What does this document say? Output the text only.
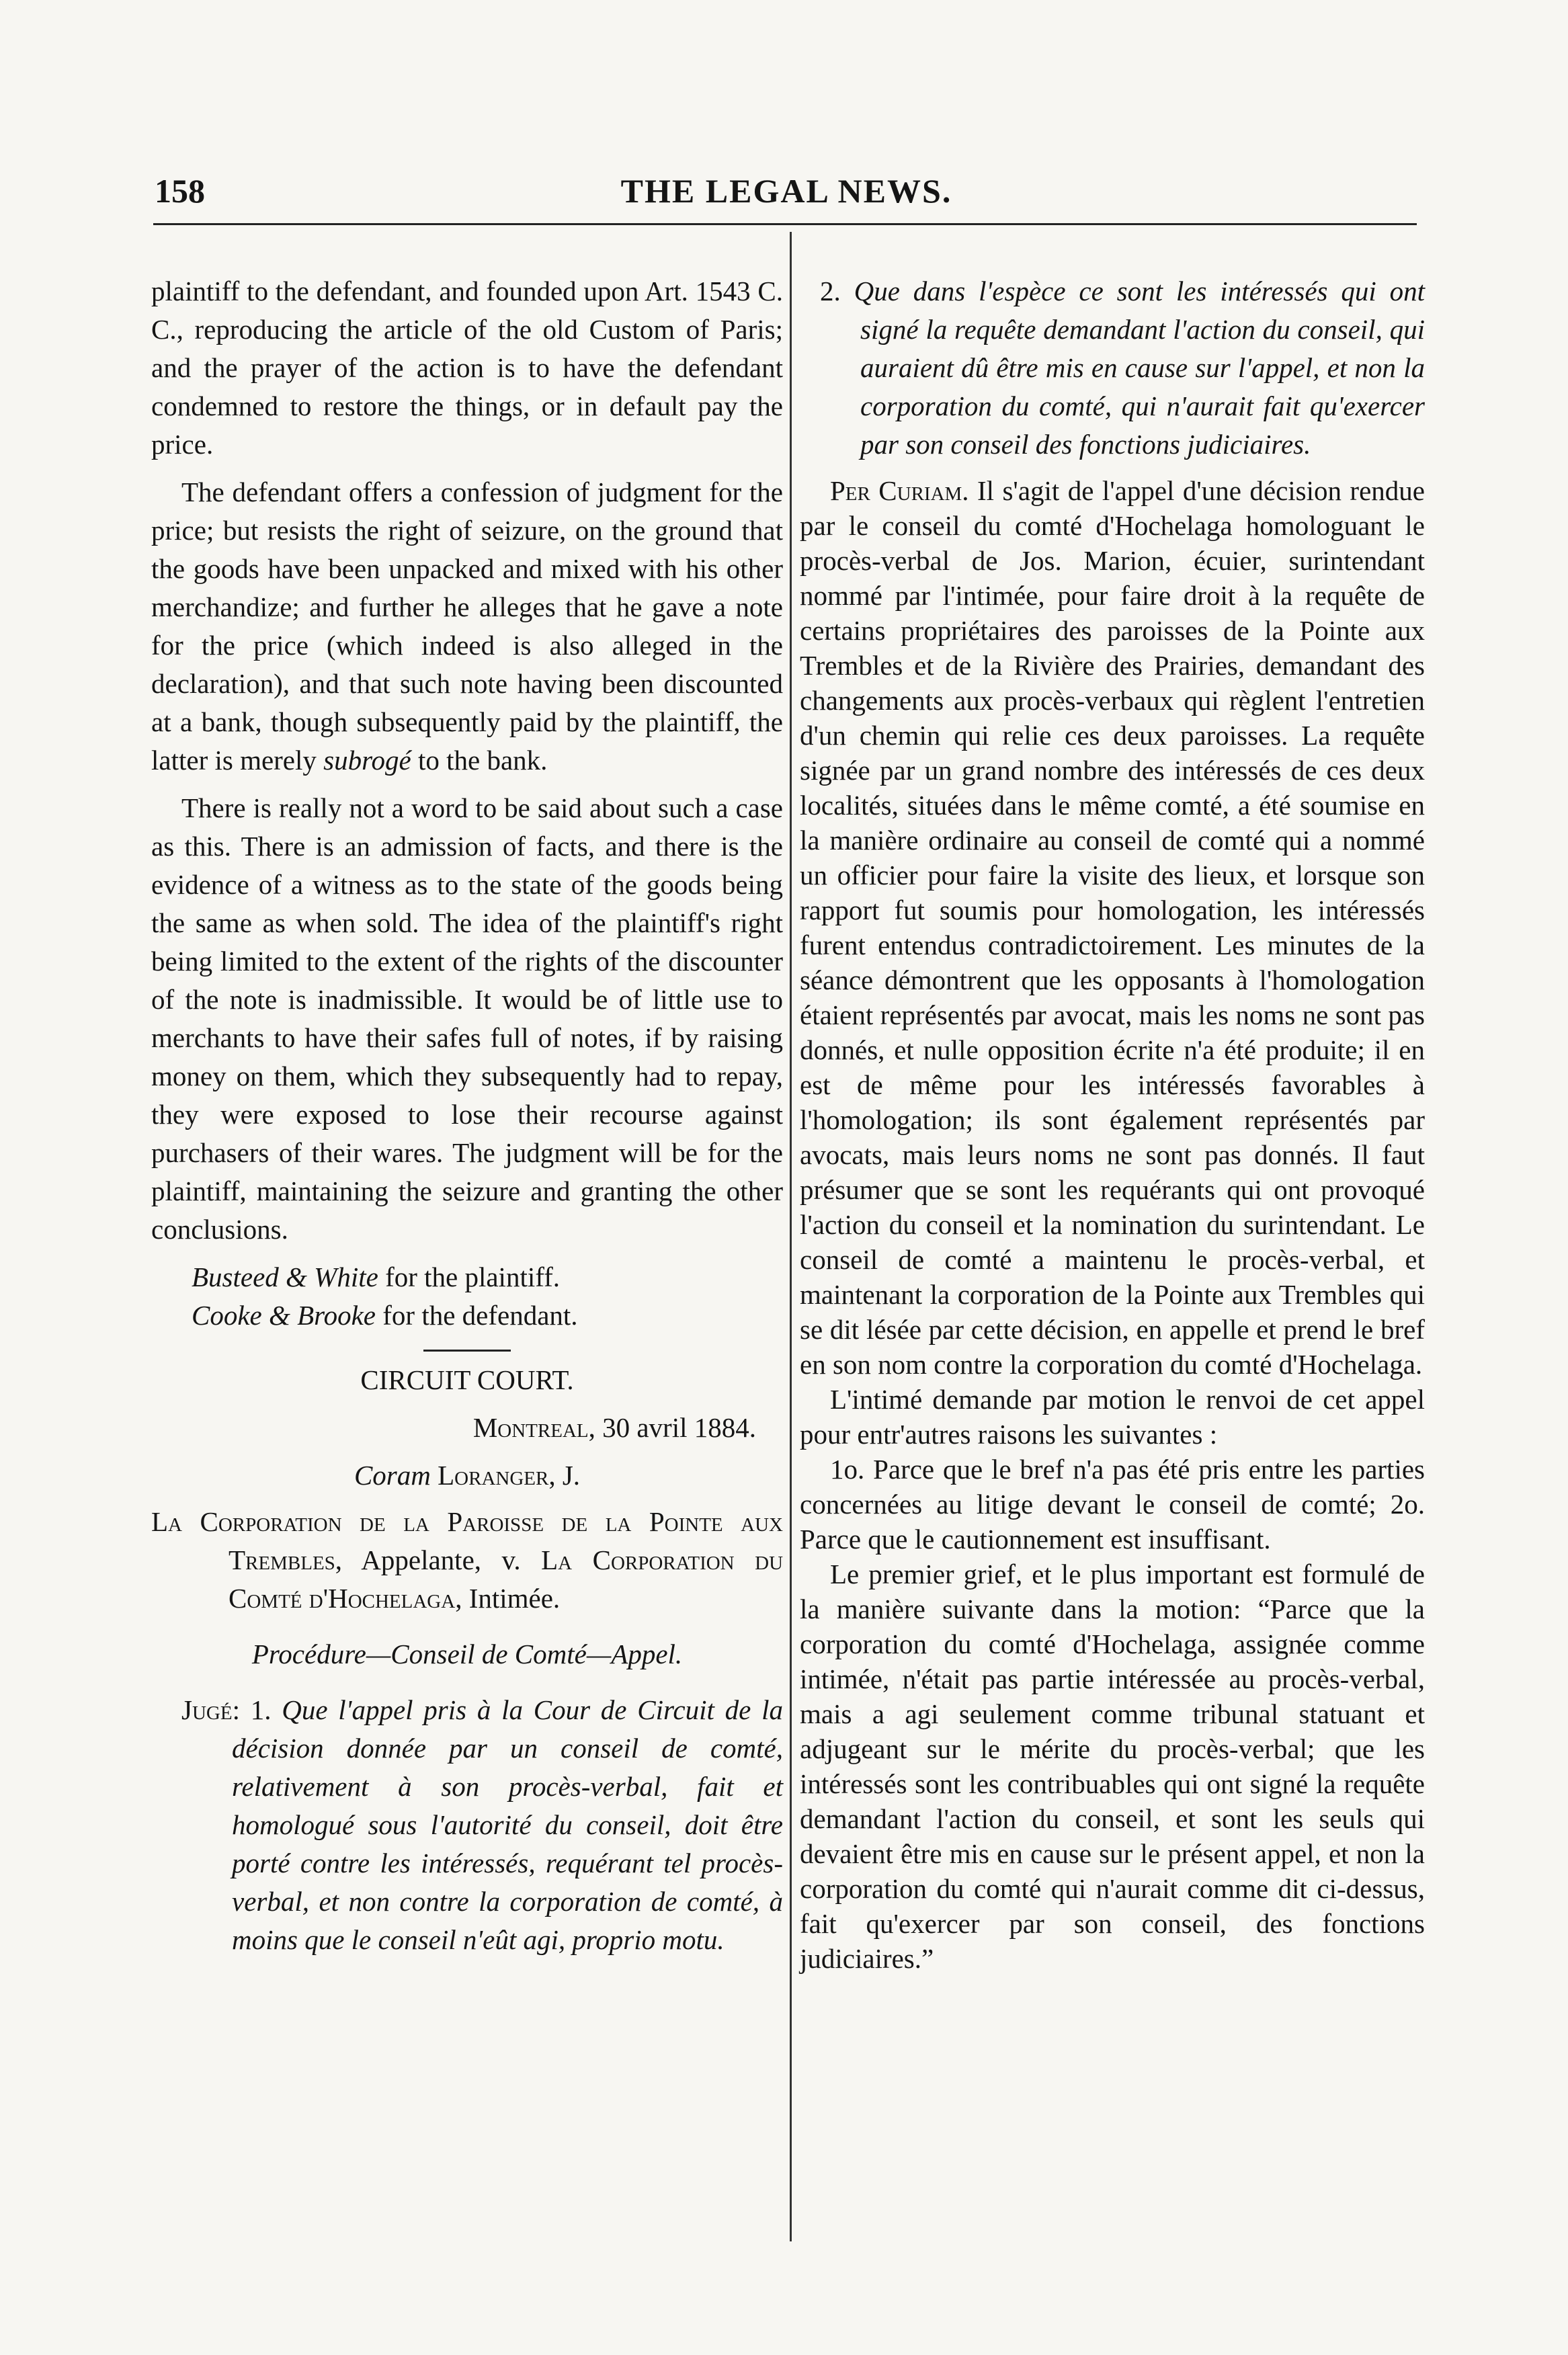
158	THE LEGAL NEWS.

plaintiff to the defendant, and founded upon Art. 1543 C. C., reproducing the article of the old Custom of Paris; and the prayer of the action is to have the defendant condemned to restore the things, or in default pay the price.

The defendant offers a confession of judgment for the price; but resists the right of seizure, on the ground that the goods have been unpacked and mixed with his other merchandize; and further he alleges that he gave a note for the price (which indeed is also alleged in the declaration), and that such note having been discounted at a bank, though subsequently paid by the plaintiff, the latter is merely subrogé to the bank.

There is really not a word to be said about such a case as this. There is an admission of facts, and there is the evidence of a witness as to the state of the goods being the same as when sold. The idea of the plaintiff's right being limited to the extent of the rights of the discounter of the note is inadmissible. It would be of little use to merchants to have their safes full of notes, if by raising money on them, which they subsequently had to repay, they were exposed to lose their recourse against purchasers of their wares. The judgment will be for the plaintiff, maintaining the seizure and granting the other conclusions.

Busteed & White for the plaintiff.

Cooke & Brooke for the defendant.

CIRCUIT COURT.

Montreal, 30 avril 1884.

Coram Loranger, J.

La Corporation de la Paroisse de la Pointe aux Trembles, Appelante, v. La Corporation du Comté d'Hochelaga, Intimée.

Procédure—Conseil de Comté—Appel.

Jugé: 1. Que l'appel pris à la Cour de Circuit de la décision donnée par un conseil de comté, relativement à son procès-verbal, fait et homologué sous l'autorité du conseil, doit être porté contre les intéressés, requérant tel procès-verbal, et non contre la corporation de comté, à moins que le conseil n'eût agi, proprio motu.

2. Que dans l'espèce ce sont les intéressés qui ont signé la requête demandant l'action du conseil, qui auraient dû être mis en cause sur l'appel, et non la corporation du comté, qui n'aurait fait qu'exercer par son conseil des fonctions judiciaires.

Per Curiam. Il s'agit de l'appel d'une décision rendue par le conseil du comté d'Hochelaga homologuant le procès-verbal de Jos. Marion, écuier, surintendant nommé par l'intimée, pour faire droit à la requête de certains propriétaires des paroisses de la Pointe aux Trembles et de la Rivière des Prairies, demandant des changements aux procès-verbaux qui règlent l'entretien d'un chemin qui relie ces deux paroisses. La requête signée par un grand nombre des intéressés de ces deux localités, situées dans le même comté, a été soumise en la manière ordinaire au conseil de comté qui a nommé un officier pour faire la visite des lieux, et lorsque son rapport fut soumis pour homologation, les intéressés furent entendus contradictoirement. Les minutes de la séance démontrent que les opposants à l'homologation étaient représentés par avocat, mais les noms ne sont pas donnés, et nulle opposition écrite n'a été produite; il en est de même pour les intéressés favorables à l'homologation; ils sont également représentés par avocats, mais leurs noms ne sont pas donnés. Il faut présumer que se sont les requérants qui ont provoqué l'action du conseil et la nomination du surintendant. Le conseil de comté a maintenu le procès-verbal, et maintenant la corporation de la Pointe aux Trembles qui se dit lésée par cette décision, en appelle et prend le bref en son nom contre la corporation du comté d'Hochelaga.

L'intimé demande par motion le renvoi de cet appel pour entr'autres raisons les suivantes :

1o. Parce que le bref n'a pas été pris entre les parties concernées au litige devant le conseil de comté; 2o. Parce que le cautionnement est insuffisant.

Le premier grief, et le plus important est formulé de la manière suivante dans la motion: “Parce que la corporation du comté d'Hochelaga, assignée comme intimée, n'était pas partie intéressée au procès-verbal, mais a agi seulement comme tribunal statuant et adjugeant sur le mérite du procès-verbal; que les intéressés sont les contribuables qui ont signé la requête demandant l'action du conseil, et sont les seuls qui devaient être mis en cause sur le présent appel, et non la corporation du comté qui n'aurait comme dit ci-dessus, fait qu'exercer par son conseil, des fonctions judiciaires.”
